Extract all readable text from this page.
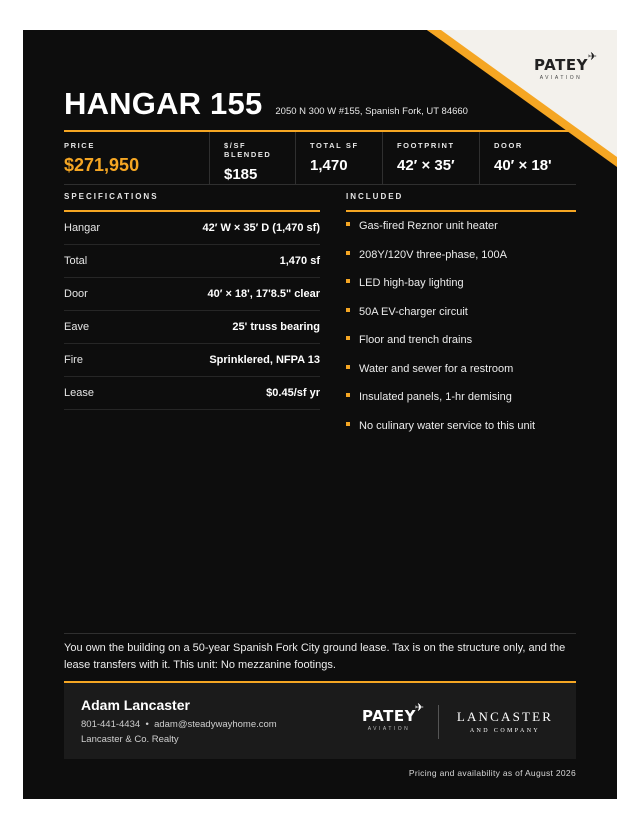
✈
PATEY
AVIATION
HANGAR 155 2050 N 300 W #155, Spanish Fork, UT 84660
PRICE
$271,950
$/SF BLENDED
$185
TOTAL SF
1,470
FOOTPRINT
42′ × 35′
DOOR
40′ × 18'
SPECIFICATIONS	INCLUDED
Hangar	42′ W × 35′ D (1,470 sf)
Total	1,470 sf
Door	40′ × 18', 17'8.5" clear
Eave	25' truss bearing
Fire	Sprinklered, NFPA 13
Lease	$0.45/sf yr
Gas-fired Reznor unit heater
208Y/120V three-phase, 100A
LED high-bay lighting
50A EV-charger circuit
Floor and trench drains
Water and sewer for a restroom
Insulated panels, 1-hr demising
No culinary water service to this unit

You own the building on a 50-year Spanish Fork City ground lease. Tax is on the structure only, and the lease transfers with it. This unit: No mezzanine footings.

Adam Lancaster
801-441-4434 • adam@steadywayhome.com
Lancaster & Co. Realty
✈
PATEY
AVIATION
LANCASTER
AND COMPANY
Pricing and availability as of August 2026
